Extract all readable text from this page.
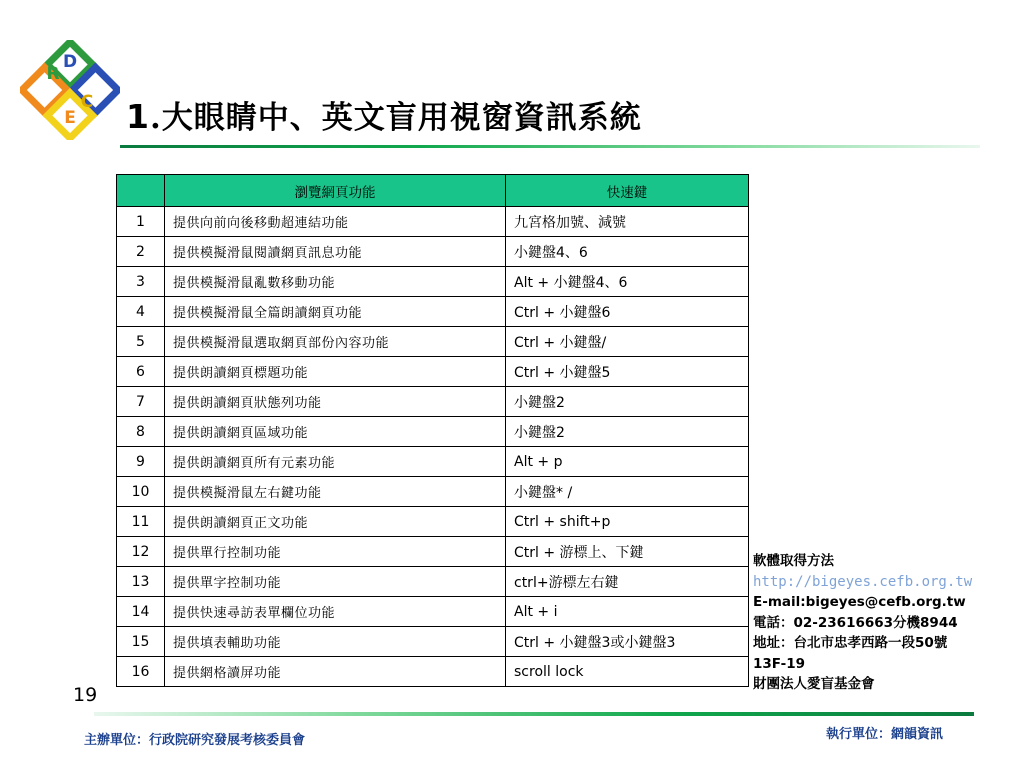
R
D
E
C 1.大眼睛中、英文盲用視窗資訊系統
	瀏覽網頁功能	快速鍵
1	提供向前向後移動超連結功能	九宮格加號、減號
2	提供模擬滑鼠閱讀網頁訊息功能	小鍵盤4、6
3	提供模擬滑鼠亂數移動功能	Alt + 小鍵盤4、6
4	提供模擬滑鼠全篇朗讀網頁功能	Ctrl + 小鍵盤6
5	提供模擬滑鼠選取網頁部份內容功能	Ctrl + 小鍵盤/
6	提供朗讀網頁標題功能	Ctrl + 小鍵盤5
7	提供朗讀網頁狀態列功能	小鍵盤2
8	提供朗讀網頁區域功能	小鍵盤2
9	提供朗讀網頁所有元素功能	Alt + p
10	提供模擬滑鼠左右鍵功能	小鍵盤* /
11	提供朗讀網頁正文功能	Ctrl + shift+p
12	提供單行控制功能	Ctrl + 游標上、下鍵
13	提供單字控制功能	ctrl+游標左右鍵
14	提供快速尋訪表單欄位功能	Alt + i
15	提供填表輔助功能	Ctrl + 小鍵盤3或小鍵盤3
16	提供網格讀屏功能	scroll lock
軟體取得方法
http://bigeyes.cefb.org.tw
E-mail:bigeyes@cefb.org.tw
電話：02-23616663分機8944
地址：台北市忠孝西路一段50號
13F-19
財團法人愛盲基金會
19
主辦單位：行政院研究發展考核委員會	執行單位：網韻資訊
